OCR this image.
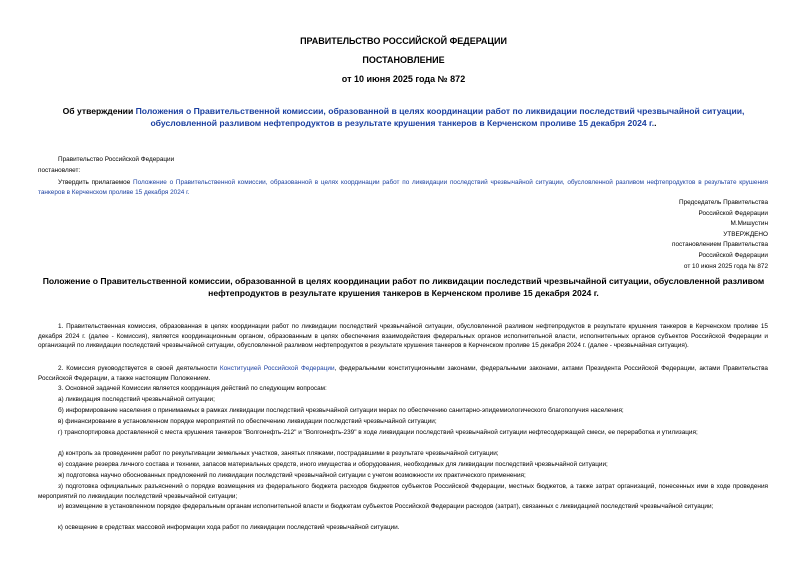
ПРАВИТЕЛЬСТВО РОССИЙСКОЙ ФЕДЕРАЦИИ
ПОСТАНОВЛЕНИЕ
от 10 июня 2025 года № 872
Об утверждении Положения о Правительственной комиссии, образованной в целях координации работ по ликвидации последствий чрезвычайной ситуации, обусловленной разливом нефтепродуктов в результате крушения танкеров в Керченском проливе 15 декабря 2024 г..
Правительство Российской Федерации
постановляет:
Утвердить прилагаемое Положение о Правительственной комиссии, образованной в целях координации работ по ликвидации последствий чрезвычайной ситуации, обусловленной разливом нефтепродуктов в результате крушения танкеров в Керченском проливе 15 декабря 2024 г.
Председатель Правительства
Российской Федерации
М.Мишустин
УТВЕРЖДЕНО
постановлением Правительства
Российской Федерации
от 10 июня 2025 года № 872
Положение о Правительственной комиссии, образованной в целях координации работ по ликвидации последствий чрезвычайной ситуации, обусловленной разливом нефтепродуктов в результате крушения танкеров в Керченском проливе 15 декабря 2024 г.
1. Правительственная комиссия, образованная в целях координации работ по ликвидации последствий чрезвычайной ситуации, обусловленной разливом нефтепродуктов в результате крушения танкеров в Керченском проливе 15 декабря 2024 г. (далее - Комиссия), является координационным органом, образованным в целях обеспечения взаимодействия федеральных органов исполнительной власти, исполнительных органов субъектов Российской Федерации и организаций по ликвидации последствий чрезвычайной ситуации, обусловленной разливом нефтепродуктов в результате крушения танкеров в Керченском проливе 15 декабря 2024 г. (далее - чрезвычайная ситуация).
2. Комиссия руководствуется в своей деятельности Конституцией Российской Федерации, федеральными конституционными законами, федеральными законами, актами Президента Российской Федерации, актами Правительства Российской Федерации, а также настоящим Положением.
3. Основной задачей Комиссии является координация действий по следующим вопросам:
а) ликвидация последствий чрезвычайной ситуации;
б) информирование населения о принимаемых в рамках ликвидации последствий чрезвычайной ситуации мерах по обеспечению санитарно-эпидемиологического благополучия населения;
в) финансирование в установленном порядке мероприятий по обеспечению ликвидации последствий чрезвычайной ситуации;
г) транспортировка доставленной с места крушения танкеров "Волгонефть-212" и "Волгонефть-239" в ходе ликвидации последствий чрезвычайной ситуации нефтесодержащей смеси, ее переработка и утилизация;
д) контроль за проведением работ по рекультивации земельных участков, занятых пляжами, пострадавшими в результате чрезвычайной ситуации;
е) создание резерва личного состава и техники, запасов материальных средств, иного имущества и оборудования, необходимых для ликвидации последствий чрезвычайной ситуации;
ж) подготовка научно обоснованных предложений по ликвидации последствий чрезвычайной ситуации с учетом возможности их практического применения;
з) подготовка официальных разъяснений о порядке возмещения из федерального бюджета расходов бюджетов субъектов Российской Федерации, местных бюджетов, а также затрат организаций, понесенных ими в ходе проведения мероприятий по ликвидации последствий чрезвычайной ситуации;
и) возмещение в установленном порядке федеральным органам исполнительной власти и бюджетам субъектов Российской Федерации расходов (затрат), связанных с ликвидацией последствий чрезвычайной ситуации;
к) освещение в средствах массовой информации хода работ по ликвидации последствий чрезвычайной ситуации.
